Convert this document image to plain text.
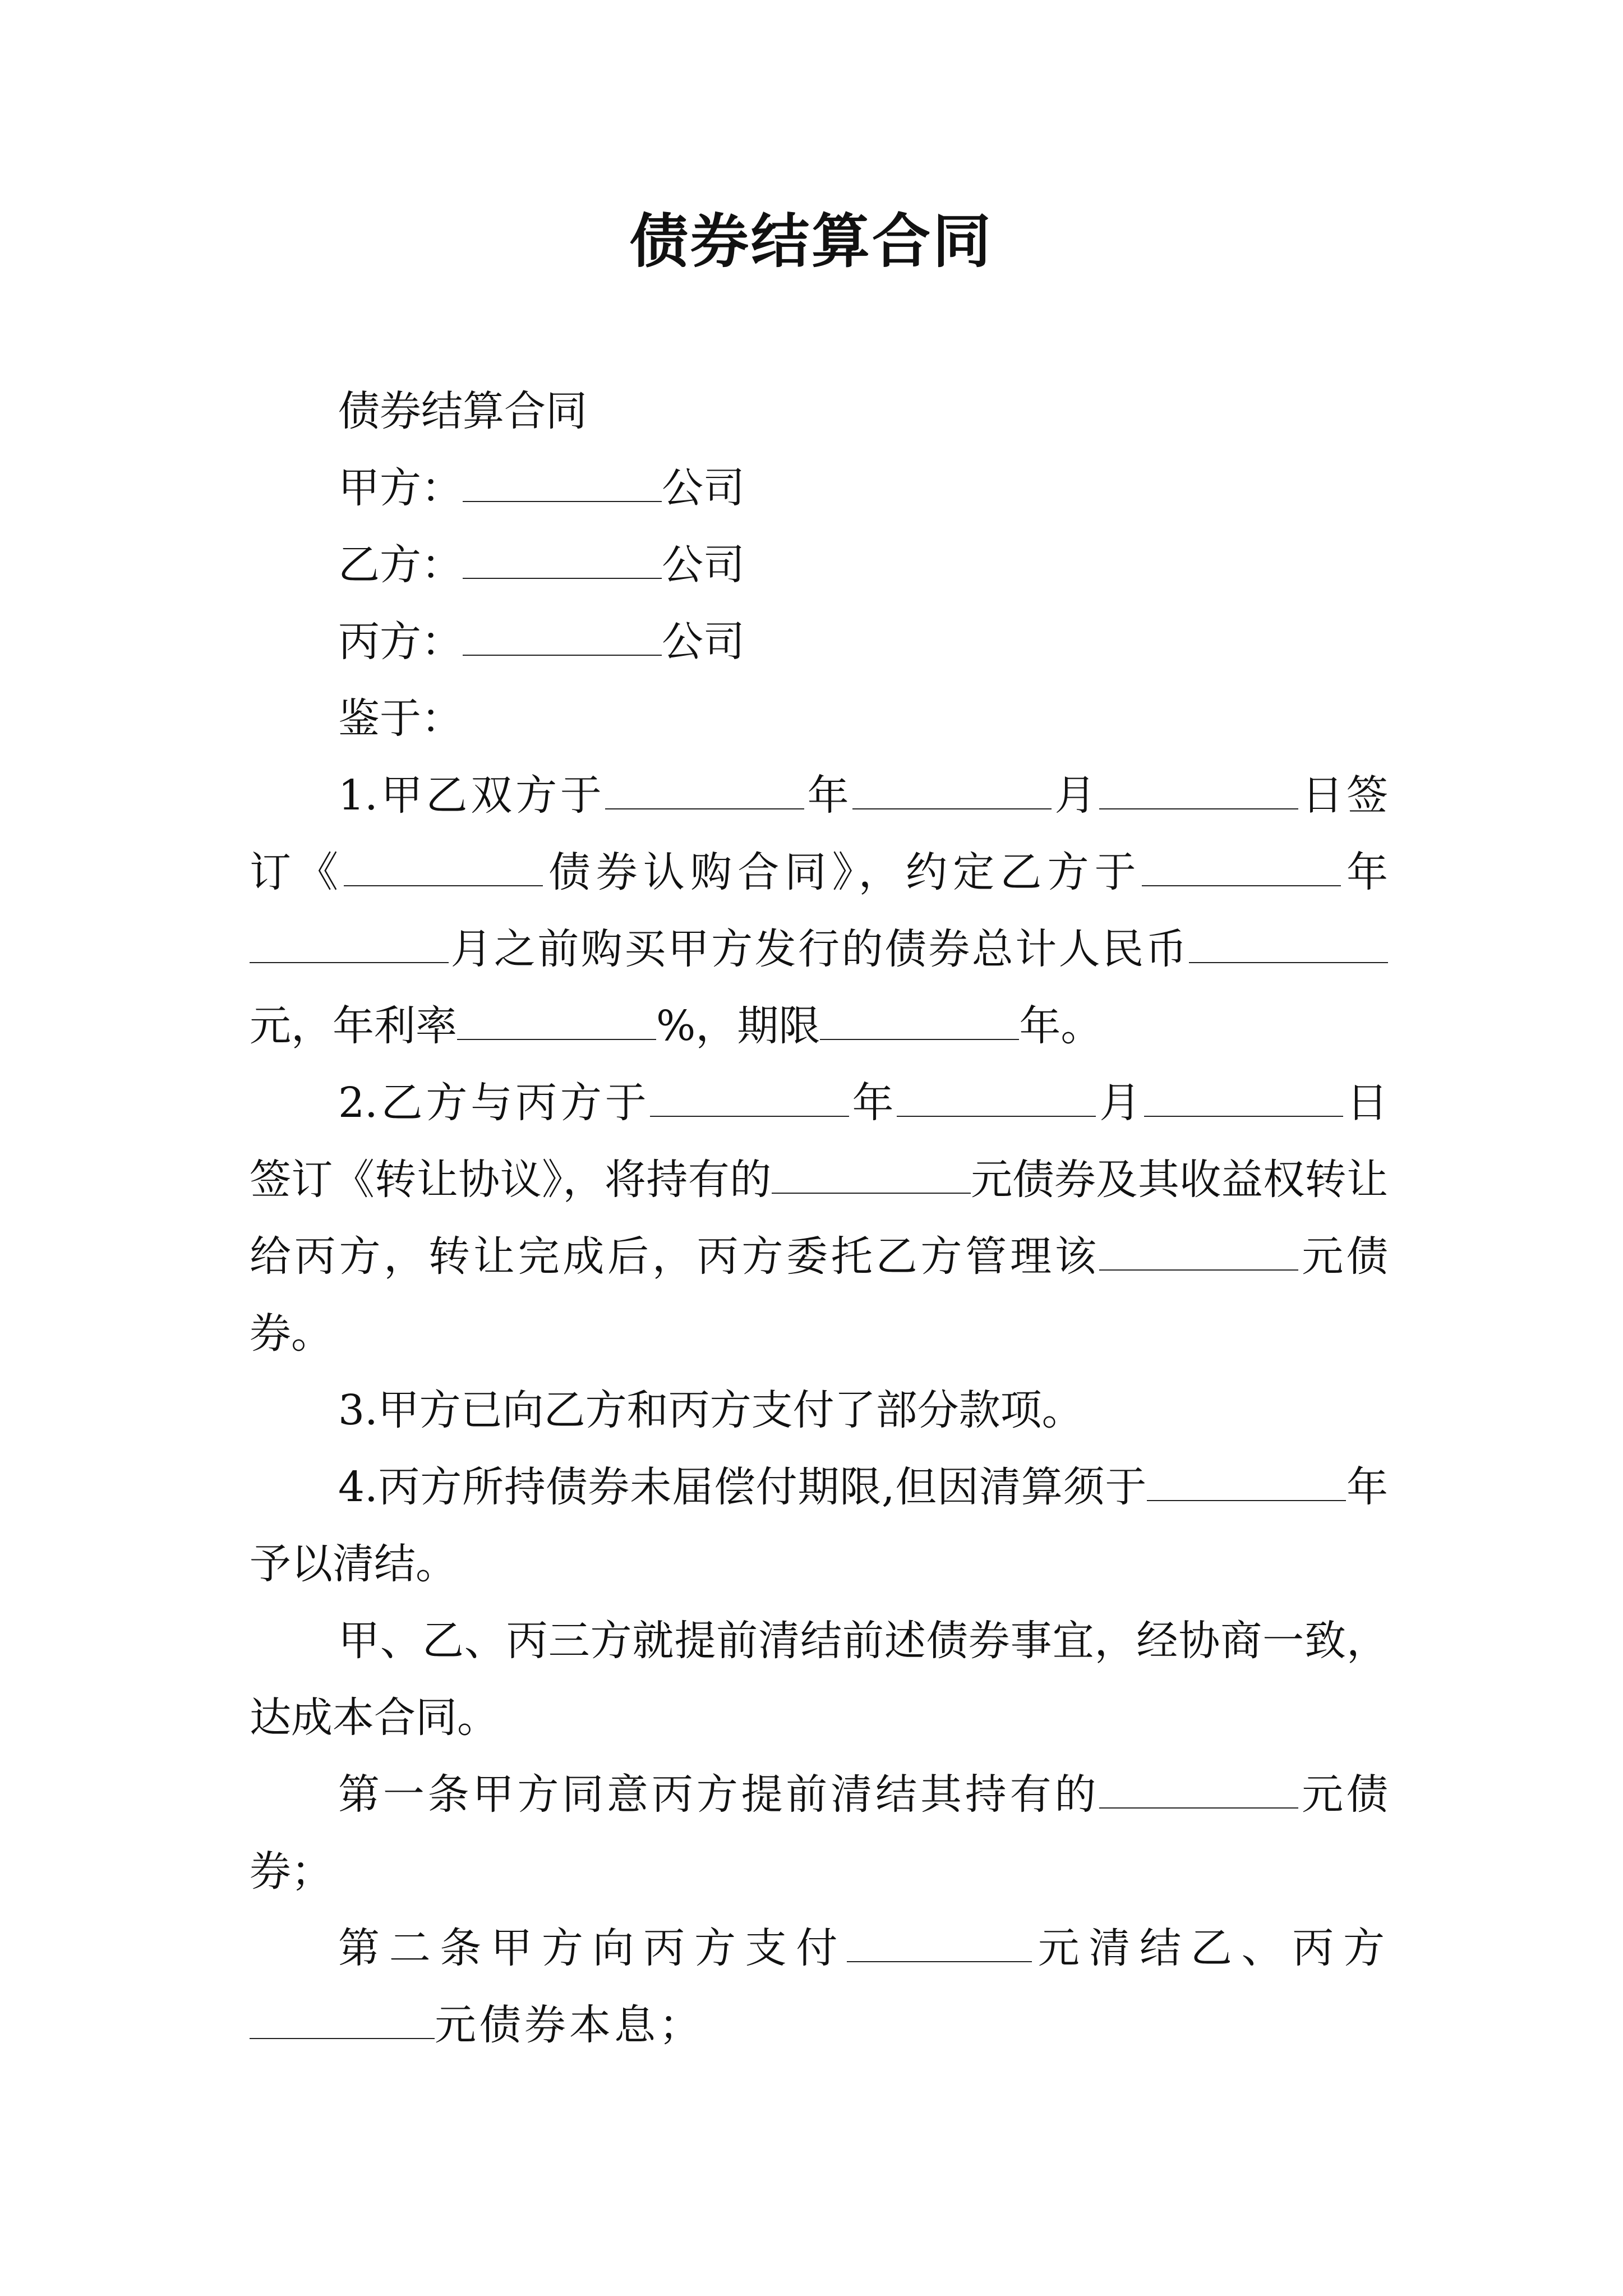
债券结算合同

债券结算合同

甲方：	公司

乙方：	公司

丙方：	公司

鉴于：

1.甲乙双方于	年	月	日签订《	债券认购合同》，约定乙方于	年月之前购买甲方发行的债券总计人民币元，年利率	%，期限	年。

2.乙方与丙方于	年	月	日签订《转让协议》，将持有的	元债券及其收益权转让给丙方，转让完成后，丙方委托乙方管理该	元债券。

3.甲方已向乙方和丙方支付了部分款项。

4.丙方所持债券未届偿付期限,但因清算须于	年予以清结。

甲、乙、丙三方就提前清结前述债券事宜，经协商一致，达成本合同。

第一条甲方同意丙方提前清结其持有的	元债券；

第二条甲方向丙方支付	元清结乙、丙方元债券本息；
